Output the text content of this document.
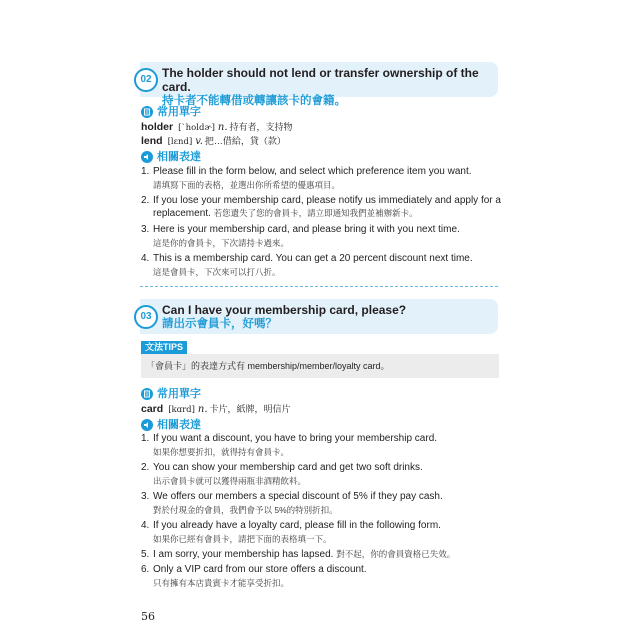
02 The holder should not lend or transfer ownership of the card.
持卡者不能轉借或轉讓該卡的會籍。
常用單字
holder [ˋholdɚ] n. 持有者，支持物
lend [lɛnd] v. 把…借給，貸（款）
相關表達
1. Please fill in the form below, and select which preference item you want.
請填寫下面的表格，並選出你所希望的優惠項目。
2. If you lose your membership card, please notify us immediately and apply for a
replacement. 若您遺失了您的會員卡，請立即通知我們並補辦新卡。
3. Here is your membership card, and please bring it with you next time.
這是你的會員卡，下次請持卡過來。
4. This is a membership card. You can get a 20 percent discount next time.
這是會員卡，下次來可以打八折。
03 Can I have your membership card, please?
請出示會員卡，好嗎？
文法TIPS
「會員卡」的表達方式有 membership/member/loyalty card。
常用單字
card [kɑrd] n. 卡片，紙牌，明信片
相關表達
1. If you want a discount, you have to bring your membership card.
如果你想要折扣，就得持有會員卡。
2. You can show your membership card and get two soft drinks.
出示會員卡就可以獲得兩瓶非酒精飲料。
3. We offers our members a special discount of 5% if they pay cash.
對於付現金的會員，我們會予以 5%的特別折扣。
4. If you already have a loyalty card, please fill in the following form.
如果你已經有會員卡，請把下面的表格填一下。
5. I am sorry, your membership has lapsed. 對不起，你的會員資格已失效。
6. Only a VIP card from our store offers a discount.
只有擁有本店貴賓卡才能享受折扣。
56
